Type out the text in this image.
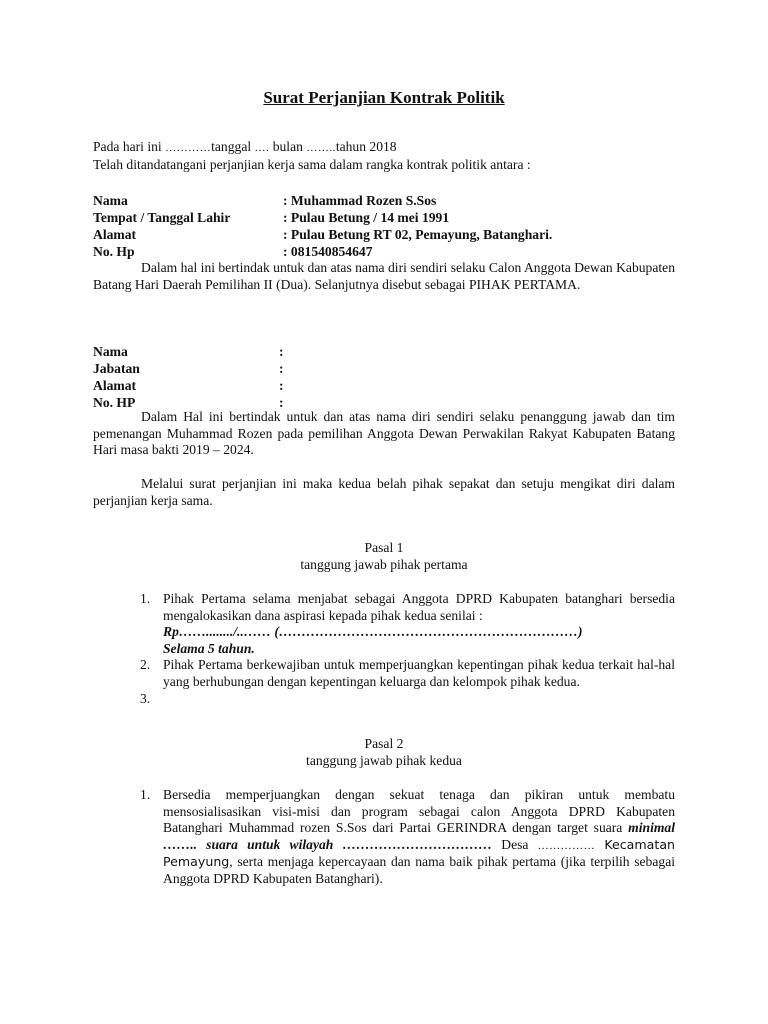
Surat Perjanjian Kontrak Politik
Pada hari ini …………tanggal …. bulan ……..tahun 2018
Telah ditandatangani perjanjian kerja sama dalam rangka kontrak politik antara :
Nama	: Muhammad Rozen S.Sos
Tempat / Tanggal Lahir	: Pulau Betung / 14 mei 1991
Alamat	: Pulau Betung RT 02, Pemayung, Batanghari.
No. Hp	: 081540854647
Dalam hal ini bertindak untuk dan atas nama diri sendiri selaku Calon Anggota Dewan Kabupaten Batang Hari Daerah Pemilihan II (Dua). Selanjutnya disebut sebagai PIHAK PERTAMA.
Nama	:
Jabatan	:
Alamat	:
No. HP	:
Dalam Hal ini bertindak untuk dan atas nama diri sendiri selaku penanggung jawab dan tim pemenangan Muhammad Rozen pada pemilihan Anggota Dewan Perwakilan Rakyat Kabupaten Batang Hari masa bakti 2019 – 2024.
Melalui surat perjanjian ini maka kedua belah pihak sepakat dan setuju mengikat diri dalam perjanjian kerja sama.
Pasal 1
tanggung jawab pihak pertama
1. Pihak Pertama selama menjabat sebagai Anggota DPRD Kabupaten batanghari bersedia mengalokasikan dana aspirasi kepada pihak kedua senilai :
Rp……......../..…… (…………………………………………………………)
Selama 5 tahun.
2. Pihak Pertama berkewajiban untuk memperjuangkan kepentingan pihak kedua terkait hal-hal yang berhubungan dengan kepentingan keluarga dan kelompok pihak kedua.
3.
Pasal 2
tanggung jawab pihak kedua
1. Bersedia memperjuangkan dengan sekuat tenaga dan pikiran untuk membatu mensosialisasikan visi-misi dan program sebagai calon Anggota DPRD Kabupaten Batanghari Muhammad rozen S.Sos dari Partai GERINDRA dengan target suara minimal …….. suara untuk wilayah …………………………… Desa …………… Kecamatan Pemayung, serta menjaga kepercayaan dan nama baik pihak pertama (jika terpilih sebagai Anggota DPRD Kabupaten Batanghari).
